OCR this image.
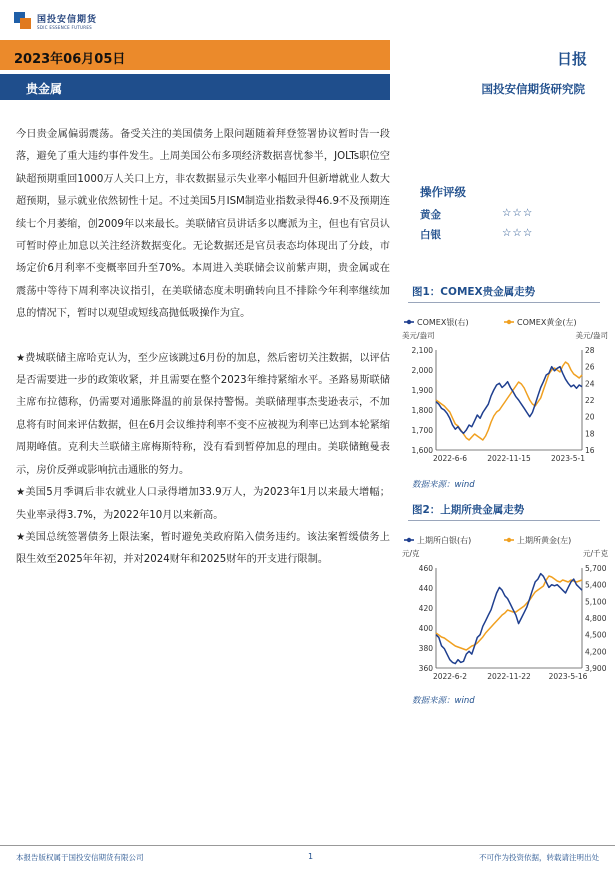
国投安信期货
SDIC ESSENCE FUTURES
2023年06月05日
贵金属
日报
国投安信期货研究院

今日贵金属偏弱震荡。备受关注的美国债务上限问题随着拜登签署协议暂时告一段落，避免了重大违约事件发生。上周美国公布多项经济数据喜忧参半，JOLTs职位空缺超预期重回1000万人关口上方，非农数据显示失业率小幅回升但新增就业人数大超预期，显示就业依然韧性十足。不过美国5月ISM制造业指数录得46.9不及预期连续七个月萎缩，创2009年以来最长。美联储官员讲话多以鹰派为主，但也有官员认可暂时停止加息以关注经济数据变化。无论数据还是官员表态均体现出了分歧，市场定价6月利率不变概率回升至70%。本周进入美联储会议前紫声期，贵金属或在震荡中等待下周利率决议指引，在美联储态度未明确转向且不排除今年利率继续加息的情况下，暂时以观望或短线高抛低吸操作为宜。

★费城联储主席哈克认为，至少应该跳过6月份的加息，然后密切关注数据，以评估是否需要进一步的政策收紧，并且需要在整个2023年维持紧缩水平。圣路易斯联储主席布拉德称，仍需要对通胀降温的前景保持警惕。美联储理事杰斐逊表示，不加息将有时间来评估数据，但在6月会议维持利率不变不应被视为利率已达到本轮紧缩周期峰值。克利夫兰联储主席梅斯特称，没有看到暂停加息的理由。美联储鲍曼表示，房价反弹或影响抗击通胀的努力。

★美国5月季调后非农就业人口录得增加33.9万人，为2023年1月以来最大增幅；失业率录得3.7%，为2022年10月以来新高。

★美国总统签署债务上限法案，暂时避免美政府陷入债务违约。该法案暂缓债务上限生效至2025年年初，并对2024财年和2025财年的开支进行限制。

操作评级
黄金	☆☆☆
白银	☆☆☆
图1：COMEX贵金属走势
COMEX银(右)	COMEX黄金(左)
美元/盎司	美元/盎司
2,100
2,000
1,900
1,800
1,700
1,600
28
26
24
22
20
18
16
2022-6-6	2022-11-15	2023-5-1
数据来源：wind
图2：上期所贵金属走势
上期所白银(右)	上期所黄金(左)
元/克	元/千克
460
440
420
400
380
360
5,700
5,400
5,100
4,800
4,500
4,200
3,900
2022-6-2	2022-11-22 2023-5-16
数据来源：wind
本报告版权属于国投安信期货有限公司	1	不可作为投资依据，转载请注明出处
